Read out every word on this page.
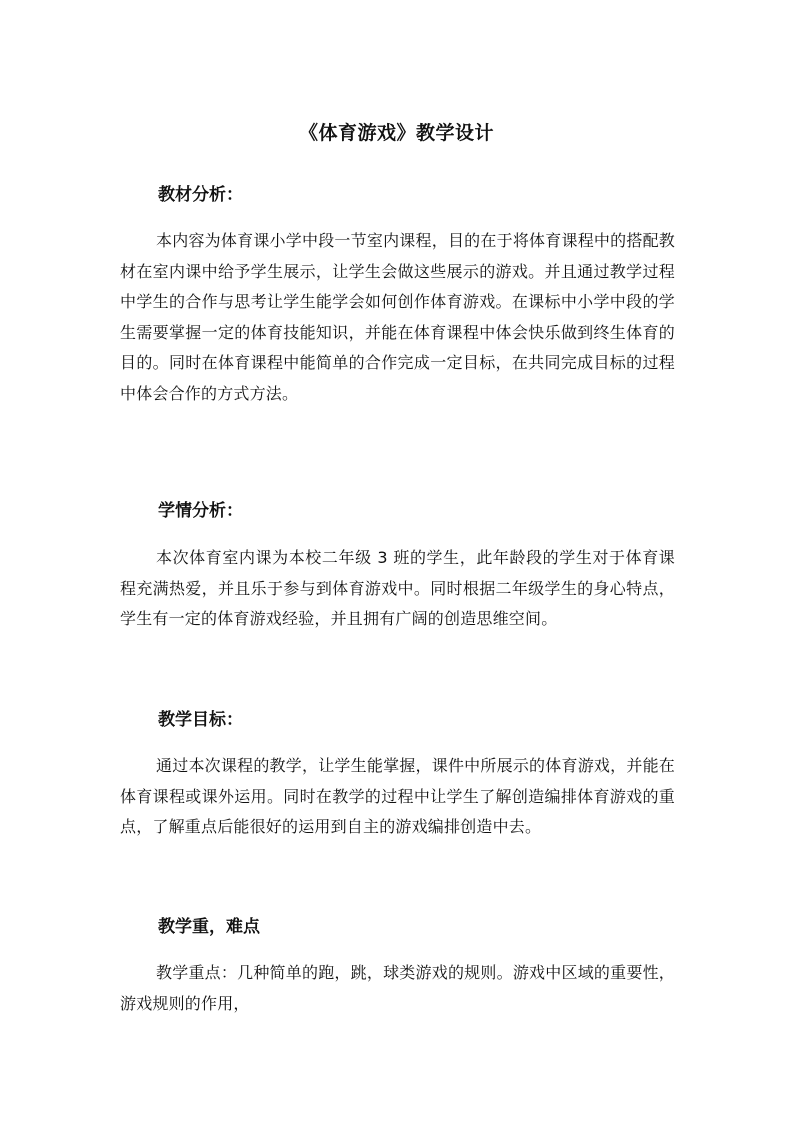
《体育游戏》教学设计
教材分析：
本内容为体育课小学中段一节室内课程，目的在于将体育课程中的搭配教材在室内课中给予学生展示，让学生会做这些展示的游戏。并且通过教学过程中学生的合作与思考让学生能学会如何创作体育游戏。在课标中小学中段的学生需要掌握一定的体育技能知识，并能在体育课程中体会快乐做到终生体育的目的。同时在体育课程中能简单的合作完成一定目标，在共同完成目标的过程中体会合作的方式方法。
学情分析：
本次体育室内课为本校二年级 3 班的学生，此年龄段的学生对于体育课程充满热爱，并且乐于参与到体育游戏中。同时根据二年级学生的身心特点，学生有一定的体育游戏经验，并且拥有广阔的创造思维空间。
教学目标：
通过本次课程的教学，让学生能掌握，课件中所展示的体育游戏，并能在体育课程或课外运用。同时在教学的过程中让学生了解创造编排体育游戏的重点，了解重点后能很好的运用到自主的游戏编排创造中去。
教学重，难点
教学重点：几种简单的跑，跳，球类游戏的规则。游戏中区域的重要性，游戏规则的作用，
